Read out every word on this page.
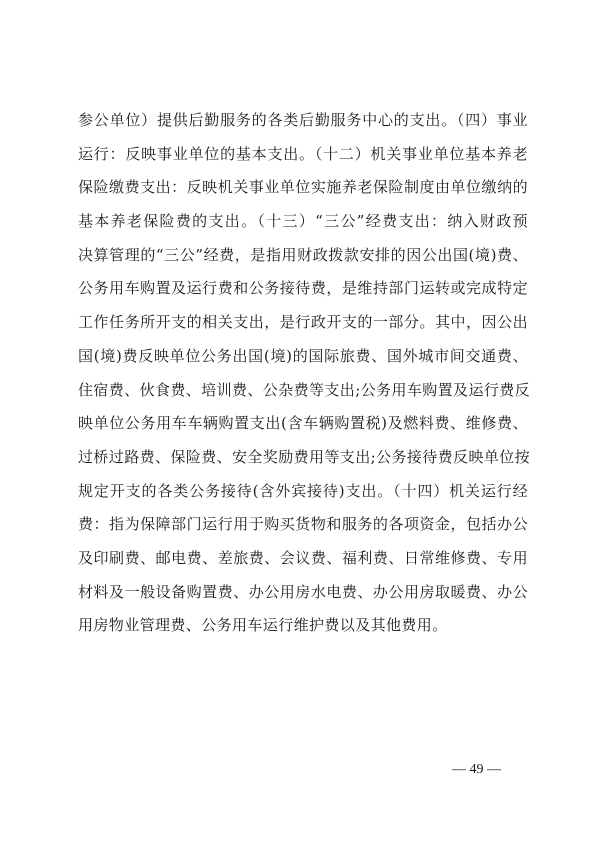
参公单位）提供后勤服务的各类后勤服务中心的支出。（四）事业
运行：反映事业单位的基本支出。（十二）机关事业单位基本养老
保险缴费支出：反映机关事业单位实施养老保险制度由单位缴纳的
基本养老保险费的支出。（十三）“三公”经费支出：纳入财政预
决算管理的“三公”经费，是指用财政拨款安排的因公出国(境)费、
公务用车购置及运行费和公务接待费，是维持部门运转或完成特定
工作任务所开支的相关支出，是行政开支的一部分。其中，因公出
国(境)费反映单位公务出国(境)的国际旅费、国外城市间交通费、
住宿费、伙食费、培训费、公杂费等支出;公务用车购置及运行费反
映单位公务用车车辆购置支出(含车辆购置税)及燃料费、维修费、
过桥过路费、保险费、安全奖励费用等支出;公务接待费反映单位按
规定开支的各类公务接待(含外宾接待)支出。（十四）机关运行经
费：指为保障部门运行用于购买货物和服务的各项资金，包括办公
及印刷费、邮电费、差旅费、会议费、福利费、日常维修费、专用
材料及一般设备购置费、办公用房水电费、办公用房取暖费、办公
用房物业管理费、公务用车运行维护费以及其他费用。
— 49 —
